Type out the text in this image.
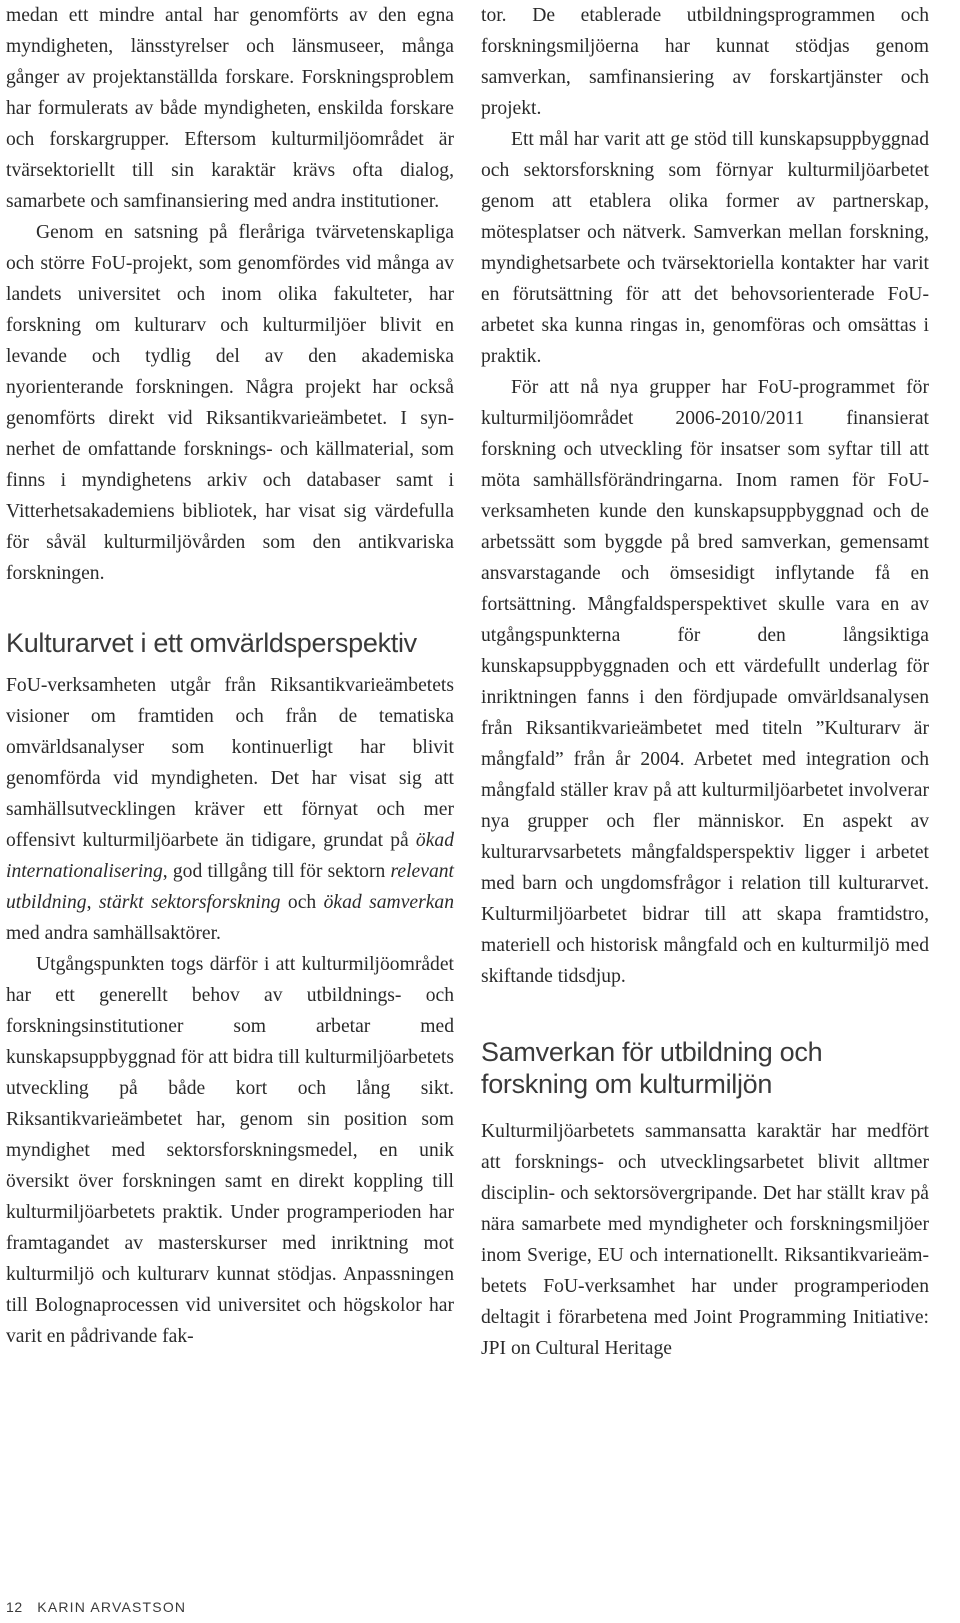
medan ett mindre antal har genomförts av den egna myndigheten, länsstyrelser och länsmuseer, många gånger av projektanställda forskare. Forskningsproblem har formulerats av både myndigheten, enskilda forskare och forskargrupper. Eftersom kulturmiljöområdet är tvärsektoriellt till sin karaktär krävs ofta dialog, samarbete och samfinansiering med andra institutioner.

Genom en satsning på fleråriga tvärvetenskapliga och större FoU-projekt, som genomfördes vid många av landets universitet och inom olika fakulteter, har forskning om kulturarv och kulturmiljöer blivit en levande och tydlig del av den akademiska nyorienterande forskningen. Några projekt har också genomförts direkt vid Riksantikvarieämbetet. I synnerhet de omfattande forsknings- och källmaterial, som finns i myndighetens arkiv och databaser samt i Vitterhetsakademiens bibliotek, har visat sig värdefulla för såväl kulturmiljövården som den antikvariska forskningen.

Kulturarvet i ett omvärldsperspektiv

FoU-verksamheten utgår från Riksantikvarieämbetets visioner om framtiden och från de tematiska omvärldsanalyser som kontinuerligt har blivit genomförda vid myndigheten. Det har visat sig att samhällsutvecklingen kräver ett förnyat och mer offensivt kulturmiljöarbete än tidigare, grundat på ökad internationalisering, god tillgång till för sektorn relevant utbildning, stärkt sektorsforskning och ökad samverkan med andra samhällsaktörer.

Utgångspunkten togs därför i att kulturmiljöområdet har ett generellt behov av utbildnings- och forskningsinstitutioner som arbetar med kunskapsuppbyggnad för att bidra till kulturmiljöarbetets utveckling på både kort och lång sikt. Riksantikvarieämbetet har, genom sin position som myndighet med sektorsforskningsmedel, en unik översikt över forskningen samt en direkt koppling till kulturmiljöarbetets praktik. Under programperioden har framtagandet av masterskurser med inriktning mot kulturmiljö och kulturarv kunnat stödjas. Anpassningen till Bolognaprocessen vid universitet och högskolor har varit en pådrivande fak-

tor. De etablerade utbildningsprogrammen och forskningsmiljöerna har kunnat stödjas genom samverkan, samfinansiering av forskartjänster och projekt.

Ett mål har varit att ge stöd till kunskapsuppbyggnad och sektorsforskning som förnyar kulturmiljöarbetet genom att etablera olika former av partnerskap, mötesplatser och nätverk. Samverkan mellan forskning, myndighetsarbete och tvärsektoriella kontakter har varit en förutsättning för att det behovsorienterade FoU-arbetet ska kunna ringas in, genomföras och omsättas i praktik.

För att nå nya grupper har FoU-programmet för kulturmiljöområdet 2006-2010/2011 finansierat forskning och utveckling för insatser som syftar till att möta samhällsförändringarna. Inom ramen för FoU-verksamheten kunde den kunskapsuppbyggnad och de arbetssätt som byggde på bred samverkan, gemensamt ansvarstagande och ömsesidigt inflytande få en fortsättning. Mångfaldsperspektivet skulle vara en av utgångspunkterna för den långsiktiga kunskapsuppbyggnaden och ett värdefullt underlag för inriktningen fanns i den fördjupade omvärldsanalysen från Riksantikvarieämbetet med titeln ”Kulturarv är mångfald” från år 2004. Arbetet med integration och mångfald ställer krav på att kulturmiljöarbetet involverar nya grupper och fler människor. En aspekt av kulturarvsarbetets mångfaldsperspektiv ligger i arbetet med barn och ungdomsfrågor i relation till kulturarvet. Kulturmiljöarbetet bidrar till att skapa framtidstro, materiell och historisk mångfald och en kulturmiljö med skiftande tidsdjup.

Samverkan för utbildning och forskning om kulturmiljön

Kulturmiljöarbetets sammansatta karaktär har medfört att forsknings- och utvecklingsarbetet blivit alltmer disciplin- och sektorsövergripande. Det har ställt krav på nära samarbete med myndigheter och forskningsmiljöer inom Sverige, EU och internationellt. Riksantikvarieämbetets FoU-verksamhet har under programperioden deltagit i förarbetena med Joint Programming Initiative: JPI on Cultural Heritage

12 KARIN ARVASTSON
